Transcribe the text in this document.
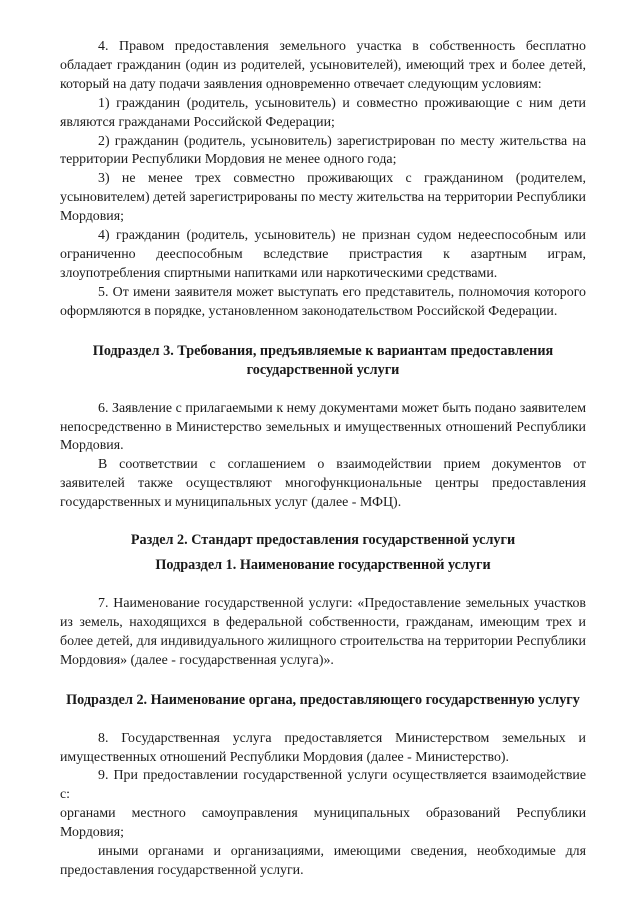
4. Правом предоставления земельного участка в собственность бесплатно обладает гражданин (один из родителей, усыновителей), имеющий трех и более детей, который на дату подачи заявления одновременно отвечает следующим условиям:

1) гражданин (родитель, усыновитель) и совместно проживающие с ним дети являются гражданами Российской Федерации;

2) гражданин (родитель, усыновитель) зарегистрирован по месту жительства на территории Республики Мордовия не менее одного года;

3) не менее трех совместно проживающих с гражданином (родителем, усыновителем) детей зарегистрированы по месту жительства на территории Республики Мордовия;

4) гражданин (родитель, усыновитель) не признан судом недееспособным или ограниченно дееспособным вследствие пристрастия к азартным играм, злоупотребления спиртными напитками или наркотическими средствами.

5. От имени заявителя может выступать его представитель, полномочия которого оформляются в порядке, установленном законодательством Российской Федерации.

Подраздел 3. Требования, предъявляемые к вариантам предоставления государственной услуги

6. Заявление с прилагаемыми к нему документами может быть подано заявителем непосредственно в Министерство земельных и имущественных отношений Республики Мордовия.

В соответствии с соглашением о взаимодействии прием документов от заявителей также осуществляют многофункциональные центры предоставления государственных и муниципальных услуг (далее - МФЦ).

Раздел 2. Стандарт предоставления государственной услуги

Подраздел 1. Наименование государственной услуги

7. Наименование государственной услуги: «Предоставление земельных участков из земель, находящихся в федеральной собственности, гражданам, имеющим трех и более детей, для индивидуального жилищного строительства на территории Республики Мордовия» (далее - государственная услуга)».

Подраздел 2. Наименование органа, предоставляющего государственную услугу

8. Государственная услуга предоставляется Министерством земельных и имущественных отношений Республики Мордовия (далее - Министерство).

9. При предоставлении государственной услуги осуществляется взаимодействие с:

органами местного самоуправления муниципальных образований Республики Мордовия;

иными органами и организациями, имеющими сведения, необходимые для предоставления государственной услуги.
